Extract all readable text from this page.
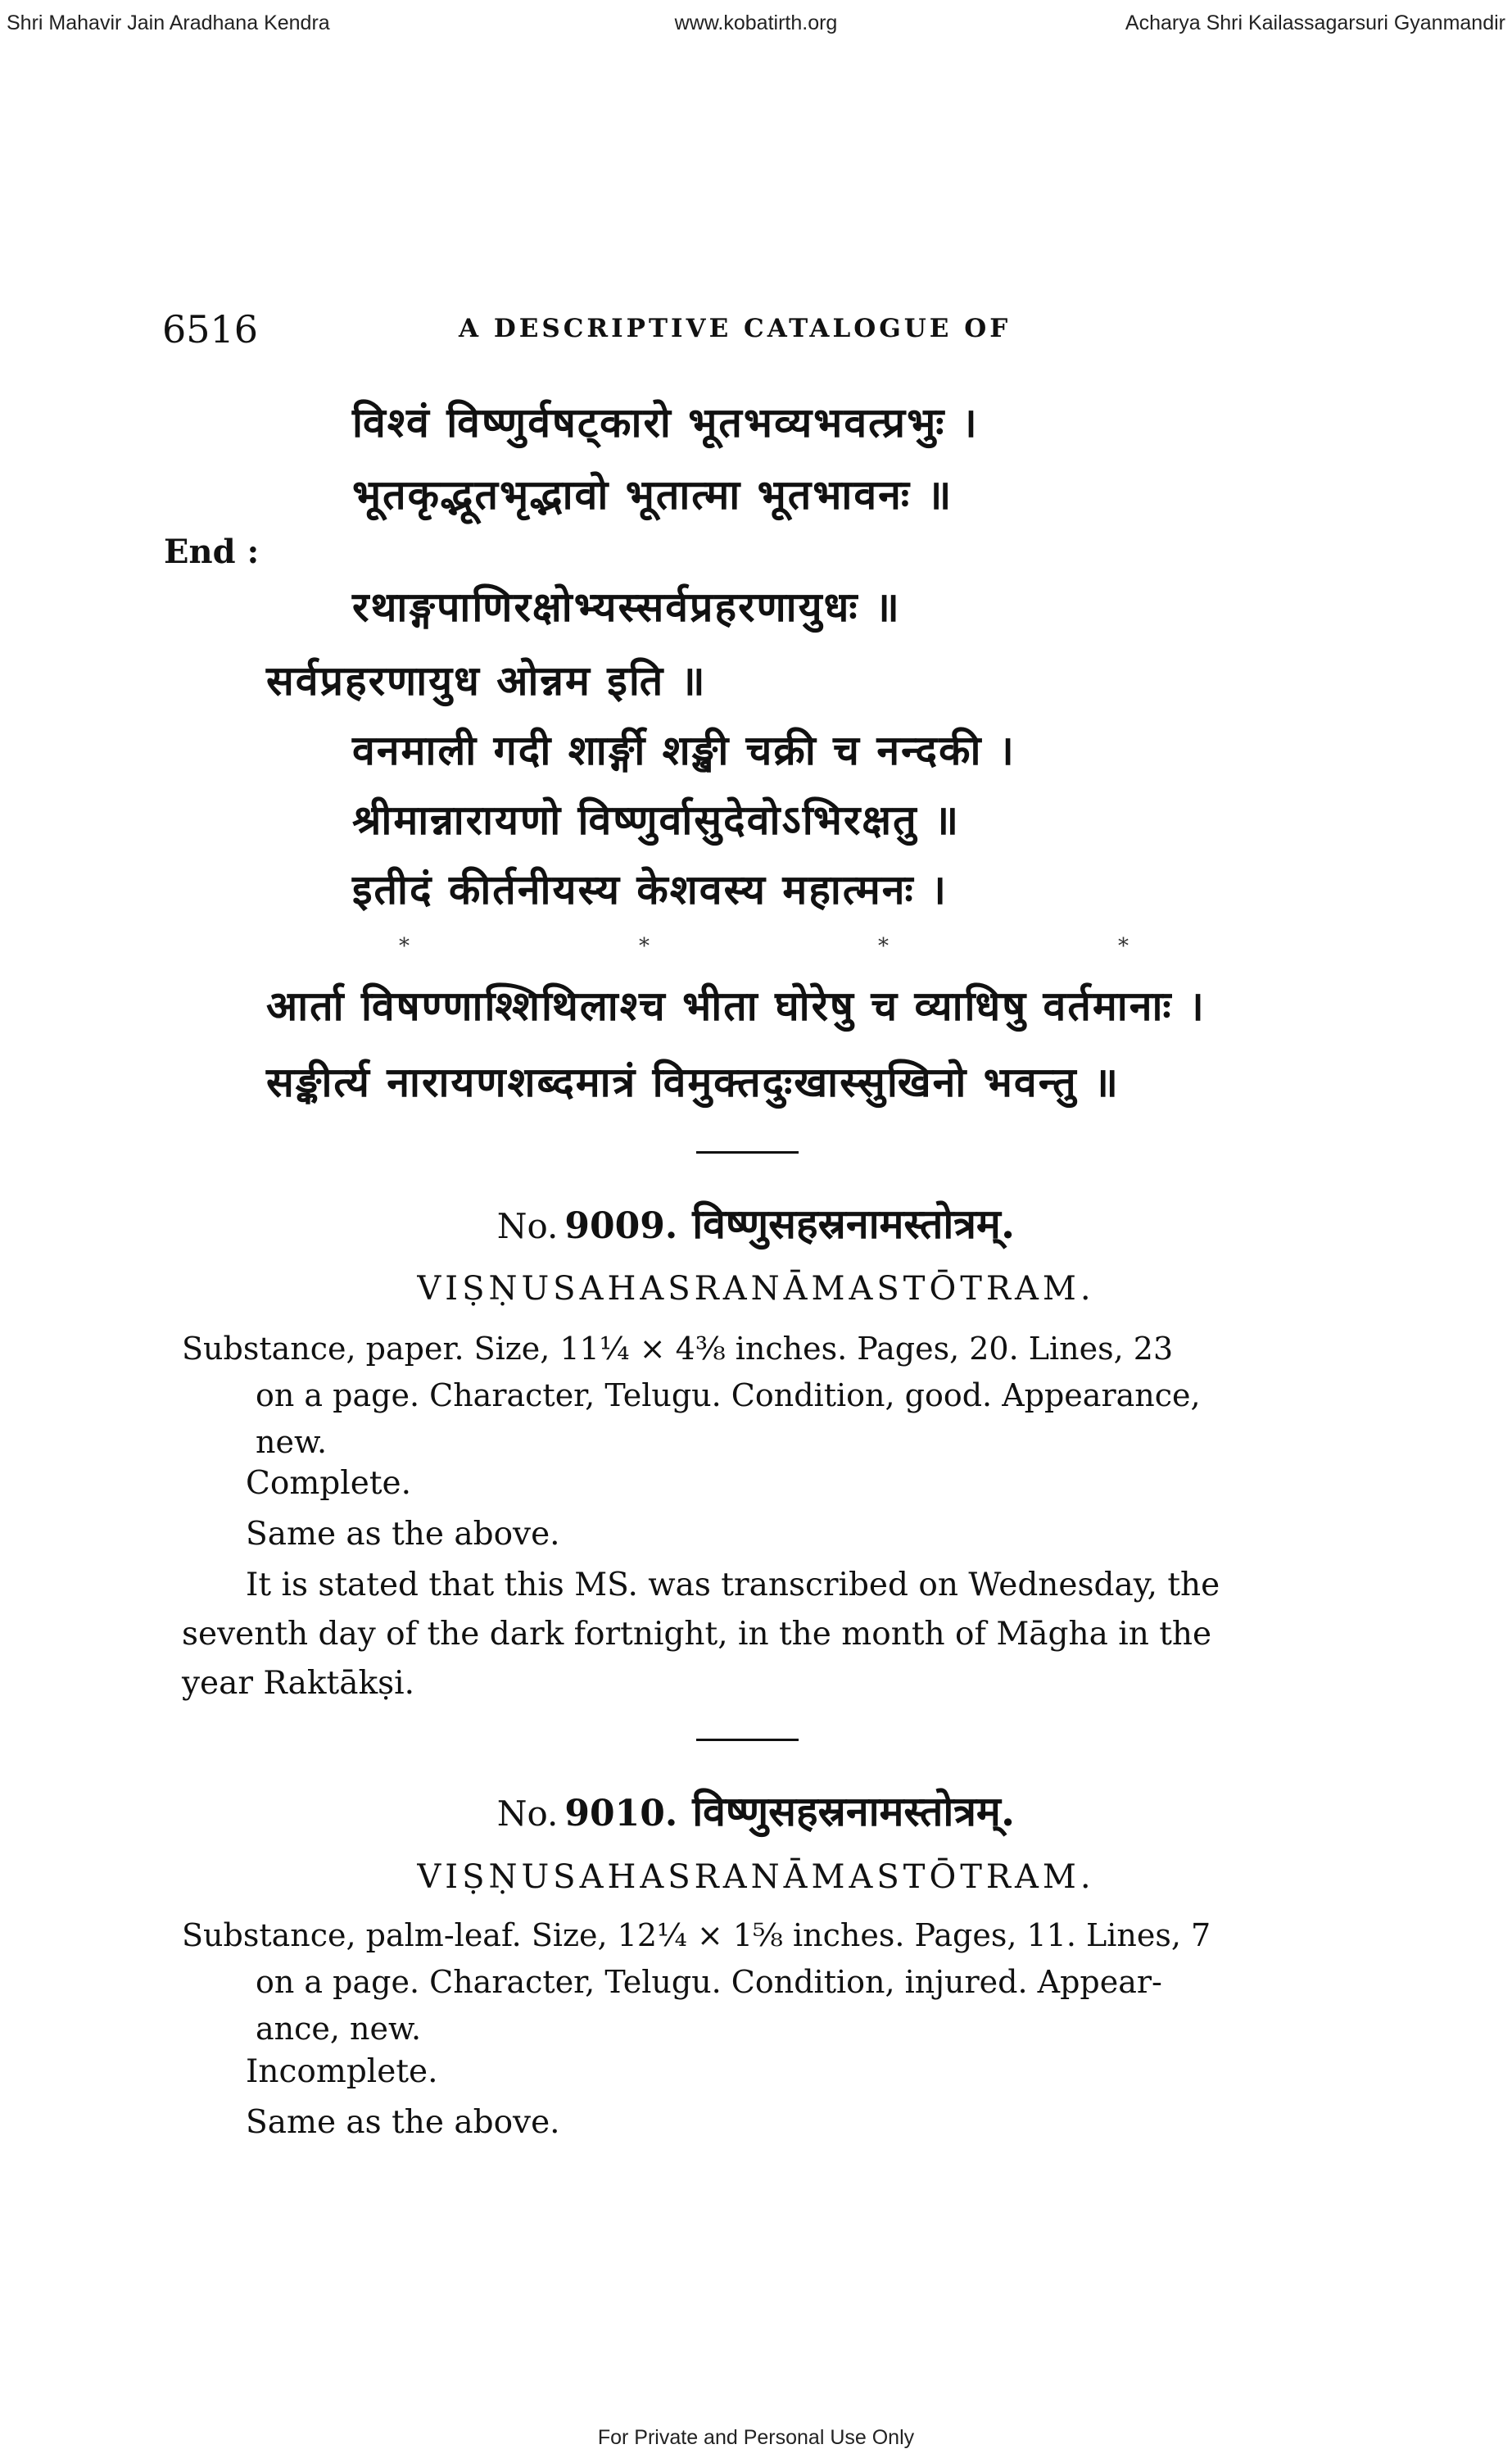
Shri Mahavir Jain Aradhana Kendra	www.kobatirth.org	Acharya Shri Kailassagarsuri Gyanmandir
6516	A DESCRIPTIVE CATALOGUE OF
विश्वं विष्णुर्वषट्कारो भूतभव्यभवत्प्रभुः ।
भूतकृद्भूतभृद्भावो भूतात्मा भूतभावनः ॥
End :
रथाङ्गपाणिरक्षोभ्यस्सर्वप्रहरणायुधः ॥
सर्वप्रहरणायुध ओन्नम इति ॥
वनमाली गदी शार्ङ्गी शङ्खी चक्री च नन्दकी ।
श्रीमान्नारायणो विष्णुर्वासुदेवोऽभिरक्षतु ॥
इतीदं कीर्तनीयस्य केशवस्य महात्मनः ।
*	*	*	*
आर्ता विषण्णाश्शिथिलाश्च भीता घोरेषु च व्याधिषु वर्तमानाः ।
सङ्कीर्त्य नारायणशब्दमात्रं विमुक्तदुःखास्सुखिनो भवन्तु ॥
No. 9009. विष्णुसहस्रनामस्तोत्रम्.
VIṢṆUSAHASRANĀMASTŌTRAM.
Substance, paper. Size, 11¼ × 4⅜ inches. Pages, 20. Lines, 23
on a page. Character, Telugu. Condition, good. Appearance,
new.
Complete.
Same as the above.
It is stated that this MS. was transcribed on Wednesday, the
seventh day of the dark fortnight, in the month of Māgha in the
year Raktākṣi.
No. 9010. विष्णुसहस्रनामस्तोत्रम्.
VIṢṆUSAHASRANĀMASTŌTRAM.
Substance, palm-leaf. Size, 12¼ × 1⅝ inches. Pages, 11. Lines, 7
on a page. Character, Telugu. Condition, injured. Appear-
ance, new.
Incomplete.
Same as the above.
For Private and Personal Use Only
